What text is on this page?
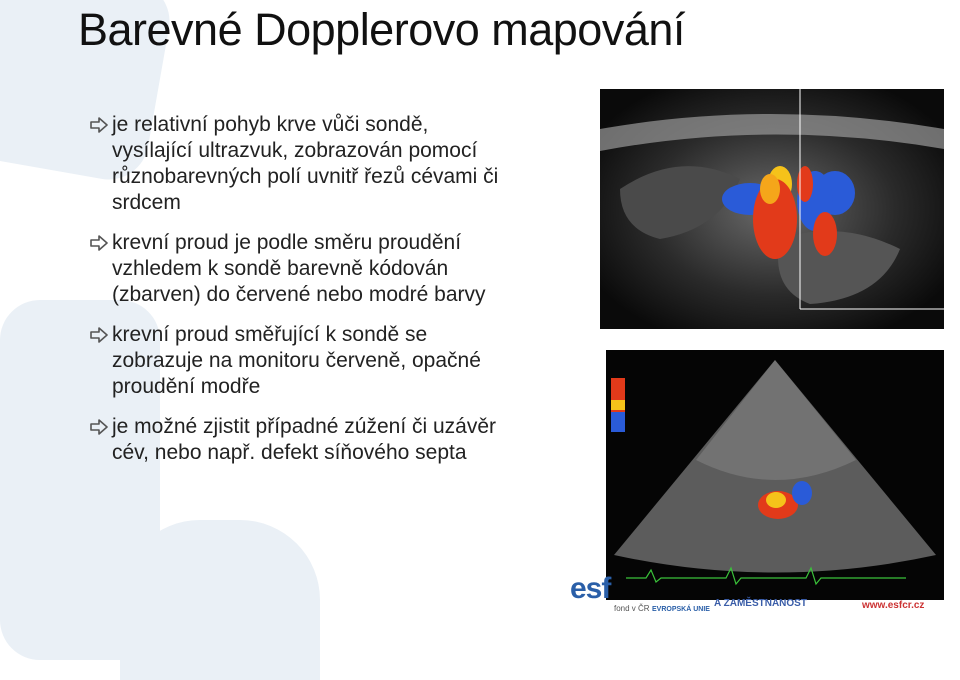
Barevné Dopplerovo mapování
je relativní pohyb krve vůči sondě, vysílající ultrazvuk, zobrazován pomocí různobarevných polí uvnitř řezů cévami či srdcem
krevní proud je podle směru proudění vzhledem k sondě barevně kódován (zbarven) do červené nebo modré barvy
krevní proud směřující k sondě se zobrazuje na monitoru červeně, opačné proudění modře
je možné zjistit případné zúžení či uzávěr cév, nebo např. defekt síňového septa
esf
fond v ČR EVROPSKÁ UNIE
A ZAMĚSTNANOST	www.esfcr.cz
